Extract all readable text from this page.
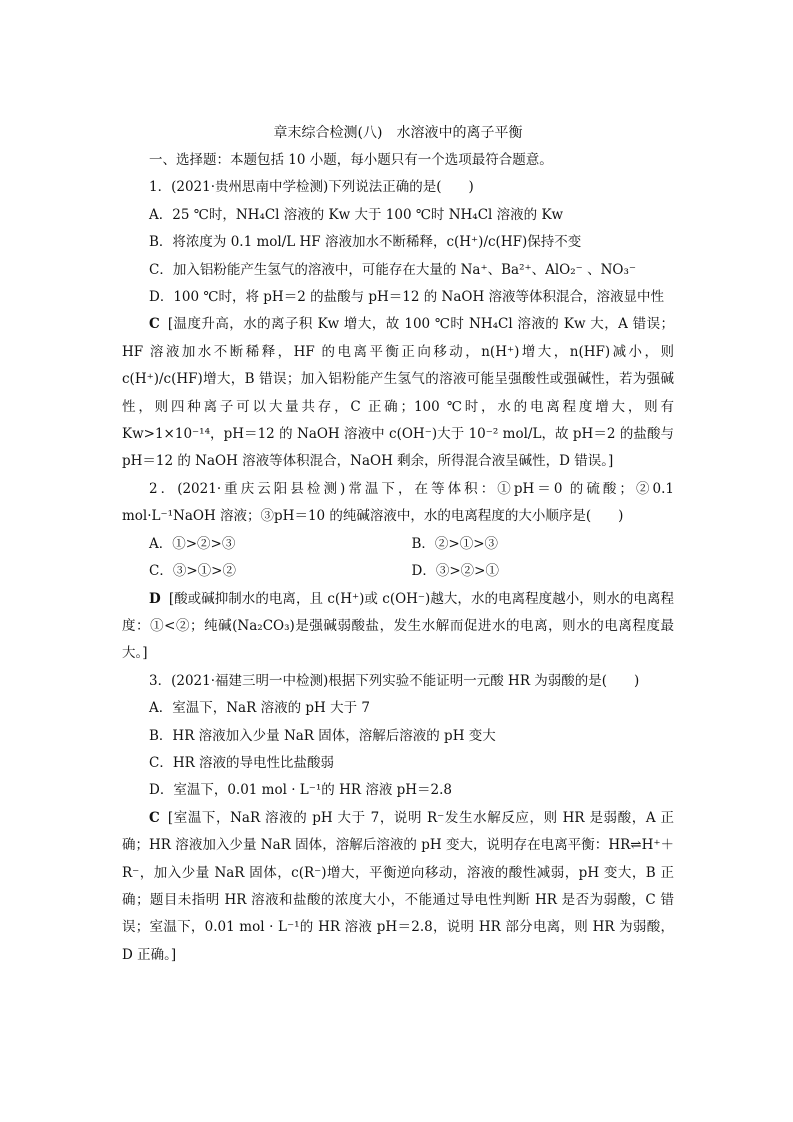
章末综合检测(八)　水溶液中的离子平衡

一、选择题：本题包括 10 小题，每小题只有一个选项最符合题意。

1．(2021·贵州思南中学检测)下列说法正确的是(　　)

A．25 ℃时，NH₄Cl 溶液的 Kw 大于 100 ℃时 NH₄Cl 溶液的 Kw

B．将浓度为 0.1 mol/L HF 溶液加水不断稀释，c(H⁺)/c(HF)保持不变

C．加入铝粉能产生氢气的溶液中，可能存在大量的 Na⁺、Ba²⁺、AlO₂⁻ 、NO₃⁻

D．100 ℃时，将 pH＝2 的盐酸与 pH＝12 的 NaOH 溶液等体积混合，溶液显中性

C [温度升高，水的离子积 Kw 增大，故 100 ℃时 NH₄Cl 溶液的 Kw 大，A 错误；HF 溶液加水不断稀释，HF 的电离平衡正向移动，n(H⁺)增大，n(HF)减小，则 c(H⁺)/c(HF)增大，B 错误；加入铝粉能产生氢气的溶液可能呈强酸性或强碱性，若为强碱性，则四种离子可以大量共存，C 正确；100 ℃时，水的电离程度增大，则有 Kw>1×10⁻¹⁴，pH＝12 的 NaOH 溶液中 c(OH⁻)大于 10⁻² mol/L，故 pH＝2 的盐酸与 pH＝12 的 NaOH 溶液等体积混合，NaOH 剩余，所得混合液呈碱性，D 错误。]

2．(2021·重庆云阳县检测)常温下，在等体积：①pH＝0 的硫酸；②0.1 mol·L⁻¹NaOH 溶液；③pH＝10 的纯碱溶液中，水的电离程度的大小顺序是(　　)

A．①>②>③	B．②>①>③
C．③>①>②	D．③>②>①

D [酸或碱抑制水的电离，且 c(H⁺)或 c(OH⁻)越大，水的电离程度越小，则水的电离程度：①<②；纯碱(Na₂CO₃)是强碱弱酸盐，发生水解而促进水的电离，则水的电离程度最大。]

3．(2021·福建三明一中检测)根据下列实验不能证明一元酸 HR 为弱酸的是(　　)

A．室温下，NaR 溶液的 pH 大于 7

B．HR 溶液加入少量 NaR 固体，溶解后溶液的 pH 变大

C．HR 溶液的导电性比盐酸弱

D．室温下，0.01 mol · L⁻¹的 HR 溶液 pH＝2.8

C [室温下，NaR 溶液的 pH 大于 7，说明 R⁻发生水解反应，则 HR 是弱酸，A 正确；HR 溶液加入少量 NaR 固体，溶解后溶液的 pH 变大，说明存在电离平衡：HR⇌H⁺＋R⁻，加入少量 NaR 固体，c(R⁻)增大，平衡逆向移动，溶液的酸性减弱，pH 变大，B 正确；题目未指明 HR 溶液和盐酸的浓度大小，不能通过导电性判断 HR 是否为弱酸，C 错误；室温下，0.01 mol · L⁻¹的 HR 溶液 pH＝2.8，说明 HR 部分电离，则 HR 为弱酸，D 正确。]
